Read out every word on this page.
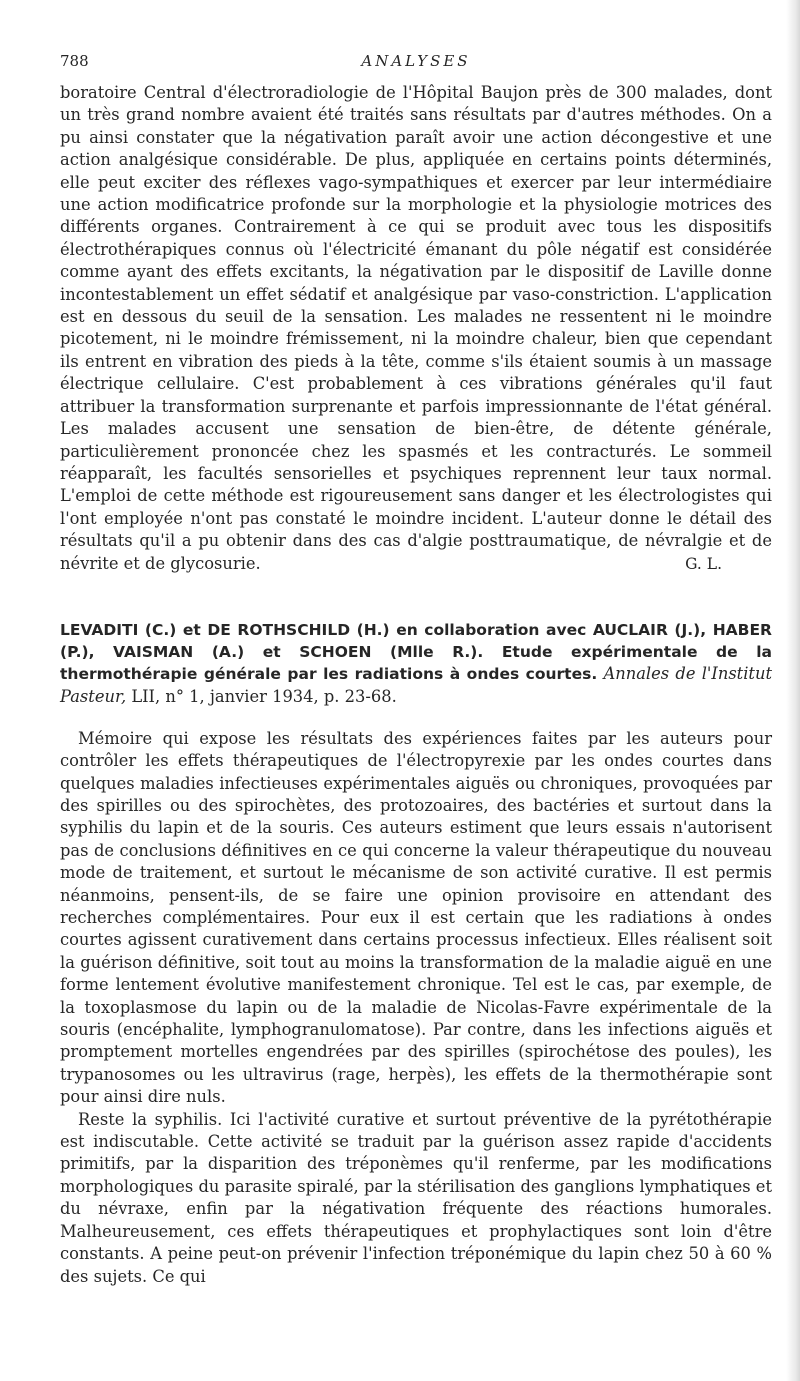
788	ANALYSES

boratoire Central d'électroradiologie de l'Hôpital Baujon près de 300 malades, dont un très grand nombre avaient été traités sans résultats par d'autres méthodes. On a pu ainsi constater que la négativation paraît avoir une action décongestive et une action analgésique considérable. De plus, appliquée en certains points déterminés, elle peut exciter des réflexes vago-sympathiques et exercer par leur intermédiaire une action modificatrice profonde sur la morphologie et la physiologie motrices des différents organes. Contrairement à ce qui se produit avec tous les dispositifs électrothérapiques connus où l'électricité émanant du pôle négatif est considérée comme ayant des effets excitants, la négativation par le dispositif de Laville donne incontestablement un effet sédatif et analgésique par vaso-constriction. L'application est en dessous du seuil de la sensation. Les malades ne ressentent ni le moindre picotement, ni le moindre frémissement, ni la moindre chaleur, bien que cependant ils entrent en vibration des pieds à la tête, comme s'ils étaient soumis à un massage électrique cellulaire. C'est probablement à ces vibrations générales qu'il faut attribuer la transformation surprenante et parfois impressionnante de l'état général. Les malades accusent une sensation de bien-être, de détente générale, particulièrement prononcée chez les spasmés et les contracturés. Le sommeil réapparaît, les facultés sensorielles et psychiques reprennent leur taux normal. L'emploi de cette méthode est rigoureusement sans danger et les électrologistes qui l'ont employée n'ont pas constaté le moindre incident. L'auteur donne le détail des résultats qu'il a pu obtenir dans des cas d'algie posttraumatique, de névralgie et de névrite et de glycosurie.	G. L.
LEVADITI (C.) et DE ROTHSCHILD (H.) en collaboration avec AUCLAIR (J.), HABER (P.), VAISMAN (A.) et SCHOEN (Mlle R.). Etude expérimentale de la thermothérapie générale par les radiations à ondes courtes. Annales de l'Institut Pasteur, LII, n° 1, janvier 1934, p. 23-68.

Mémoire qui expose les résultats des expériences faites par les auteurs pour contrôler les effets thérapeutiques de l'électropyrexie par les ondes courtes dans quelques maladies infectieuses expérimentales aiguës ou chroniques, provoquées par des spirilles ou des spirochètes, des protozoaires, des bactéries et surtout dans la syphilis du lapin et de la souris. Ces auteurs estiment que leurs essais n'autorisent pas de conclusions définitives en ce qui concerne la valeur thérapeutique du nouveau mode de traitement, et surtout le mécanisme de son activité curative. Il est permis néanmoins, pensent-ils, de se faire une opinion provisoire en attendant des recherches complémentaires. Pour eux il est certain que les radiations à ondes courtes agissent curativement dans certains processus infectieux. Elles réalisent soit la guérison définitive, soit tout au moins la transformation de la maladie aiguë en une forme lentement évolutive manifestement chronique. Tel est le cas, par exemple, de la toxoplasmose du lapin ou de la maladie de Nicolas-Favre expérimentale de la souris (encéphalite, lymphogranulomatose). Par contre, dans les infections aiguës et promptement mortelles engendrées par des spirilles (spirochétose des poules), les trypanosomes ou les ultravirus (rage, herpès), les effets de la thermothérapie sont pour ainsi dire nuls.

Reste la syphilis. Ici l'activité curative et surtout préventive de la pyrétothérapie est indiscutable. Cette activité se traduit par la guérison assez rapide d'accidents primitifs, par la disparition des tréponèmes qu'il renferme, par les modifications morphologiques du parasite spiralé, par la stérilisation des ganglions lymphatiques et du névraxe, enfin par la négativation fréquente des réactions humorales. Malheureusement, ces effets thérapeutiques et prophylactiques sont loin d'être constants. A peine peut-on prévenir l'infection tréponémique du lapin chez 50 à 60 % des sujets. Ce qui
